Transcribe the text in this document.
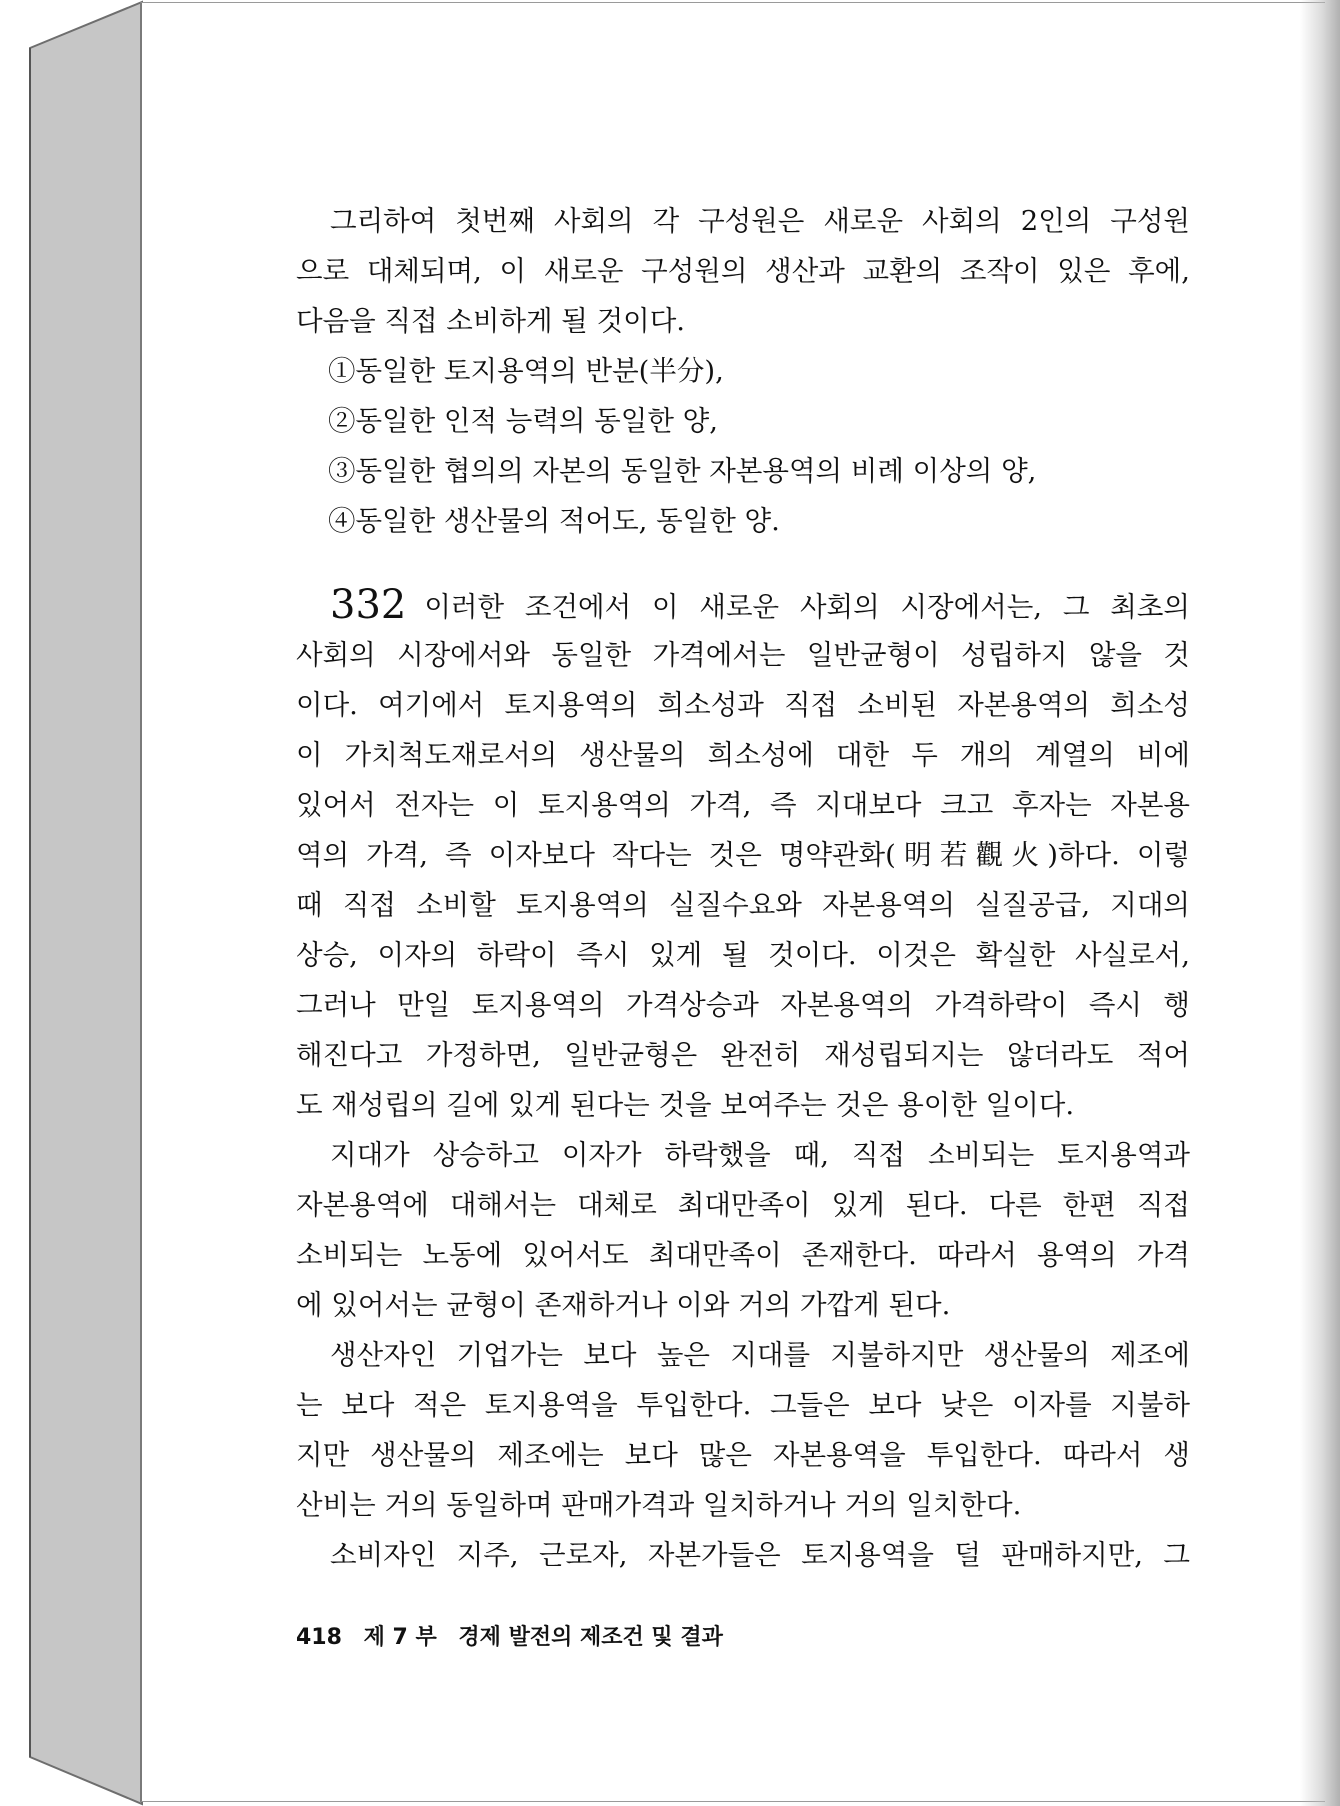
그리하여 첫번째 사회의 각 구성원은 새로운 사회의 2인의 구성원
으로 대체되며, 이 새로운 구성원의 생산과 교환의 조작이 있은 후에,
다음을 직접 소비하게 될 것이다.
①동일한 토지용역의 반분(半分),
②동일한 인적 능력의 동일한 양,
③동일한 협의의 자본의 동일한 자본용역의 비례 이상의 양,
④동일한 생산물의 적어도, 동일한 양.
332 이러한 조건에서 이 새로운 사회의 시장에서는, 그 최초의
사회의 시장에서와 동일한 가격에서는 일반균형이 성립하지 않을 것
이다. 여기에서 토지용역의 희소성과 직접 소비된 자본용역의 희소성
이 가치척도재로서의 생산물의 희소성에 대한 두 개의 계열의 비에
있어서 전자는 이 토지용역의 가격, 즉 지대보다 크고 후자는 자본용
역의 가격, 즉 이자보다 작다는 것은 명약관화(明若觀火)하다. 이렇
때 직접 소비할 토지용역의 실질수요와 자본용역의 실질공급, 지대의
상승, 이자의 하락이 즉시 있게 될 것이다. 이것은 확실한 사실로서,
그러나 만일 토지용역의 가격상승과 자본용역의 가격하락이 즉시 행
해진다고 가정하면, 일반균형은 완전히 재성립되지는 않더라도 적어
도 재성립의 길에 있게 된다는 것을 보여주는 것은 용이한 일이다.
지대가 상승하고 이자가 하락했을 때, 직접 소비되는 토지용역과
자본용역에 대해서는 대체로 최대만족이 있게 된다. 다른 한편 직접
소비되는 노동에 있어서도 최대만족이 존재한다. 따라서 용역의 가격
에 있어서는 균형이 존재하거나 이와 거의 가깝게 된다.
생산자인 기업가는 보다 높은 지대를 지불하지만 생산물의 제조에
는 보다 적은 토지용역을 투입한다. 그들은 보다 낮은 이자를 지불하
지만 생산물의 제조에는 보다 많은 자본용역을 투입한다. 따라서 생
산비는 거의 동일하며 판매가격과 일치하거나 거의 일치한다.
소비자인 지주, 근로자, 자본가들은 토지용역을 덜 판매하지만, 그
418 제 7 부 경제 발전의 제조건 및 결과
